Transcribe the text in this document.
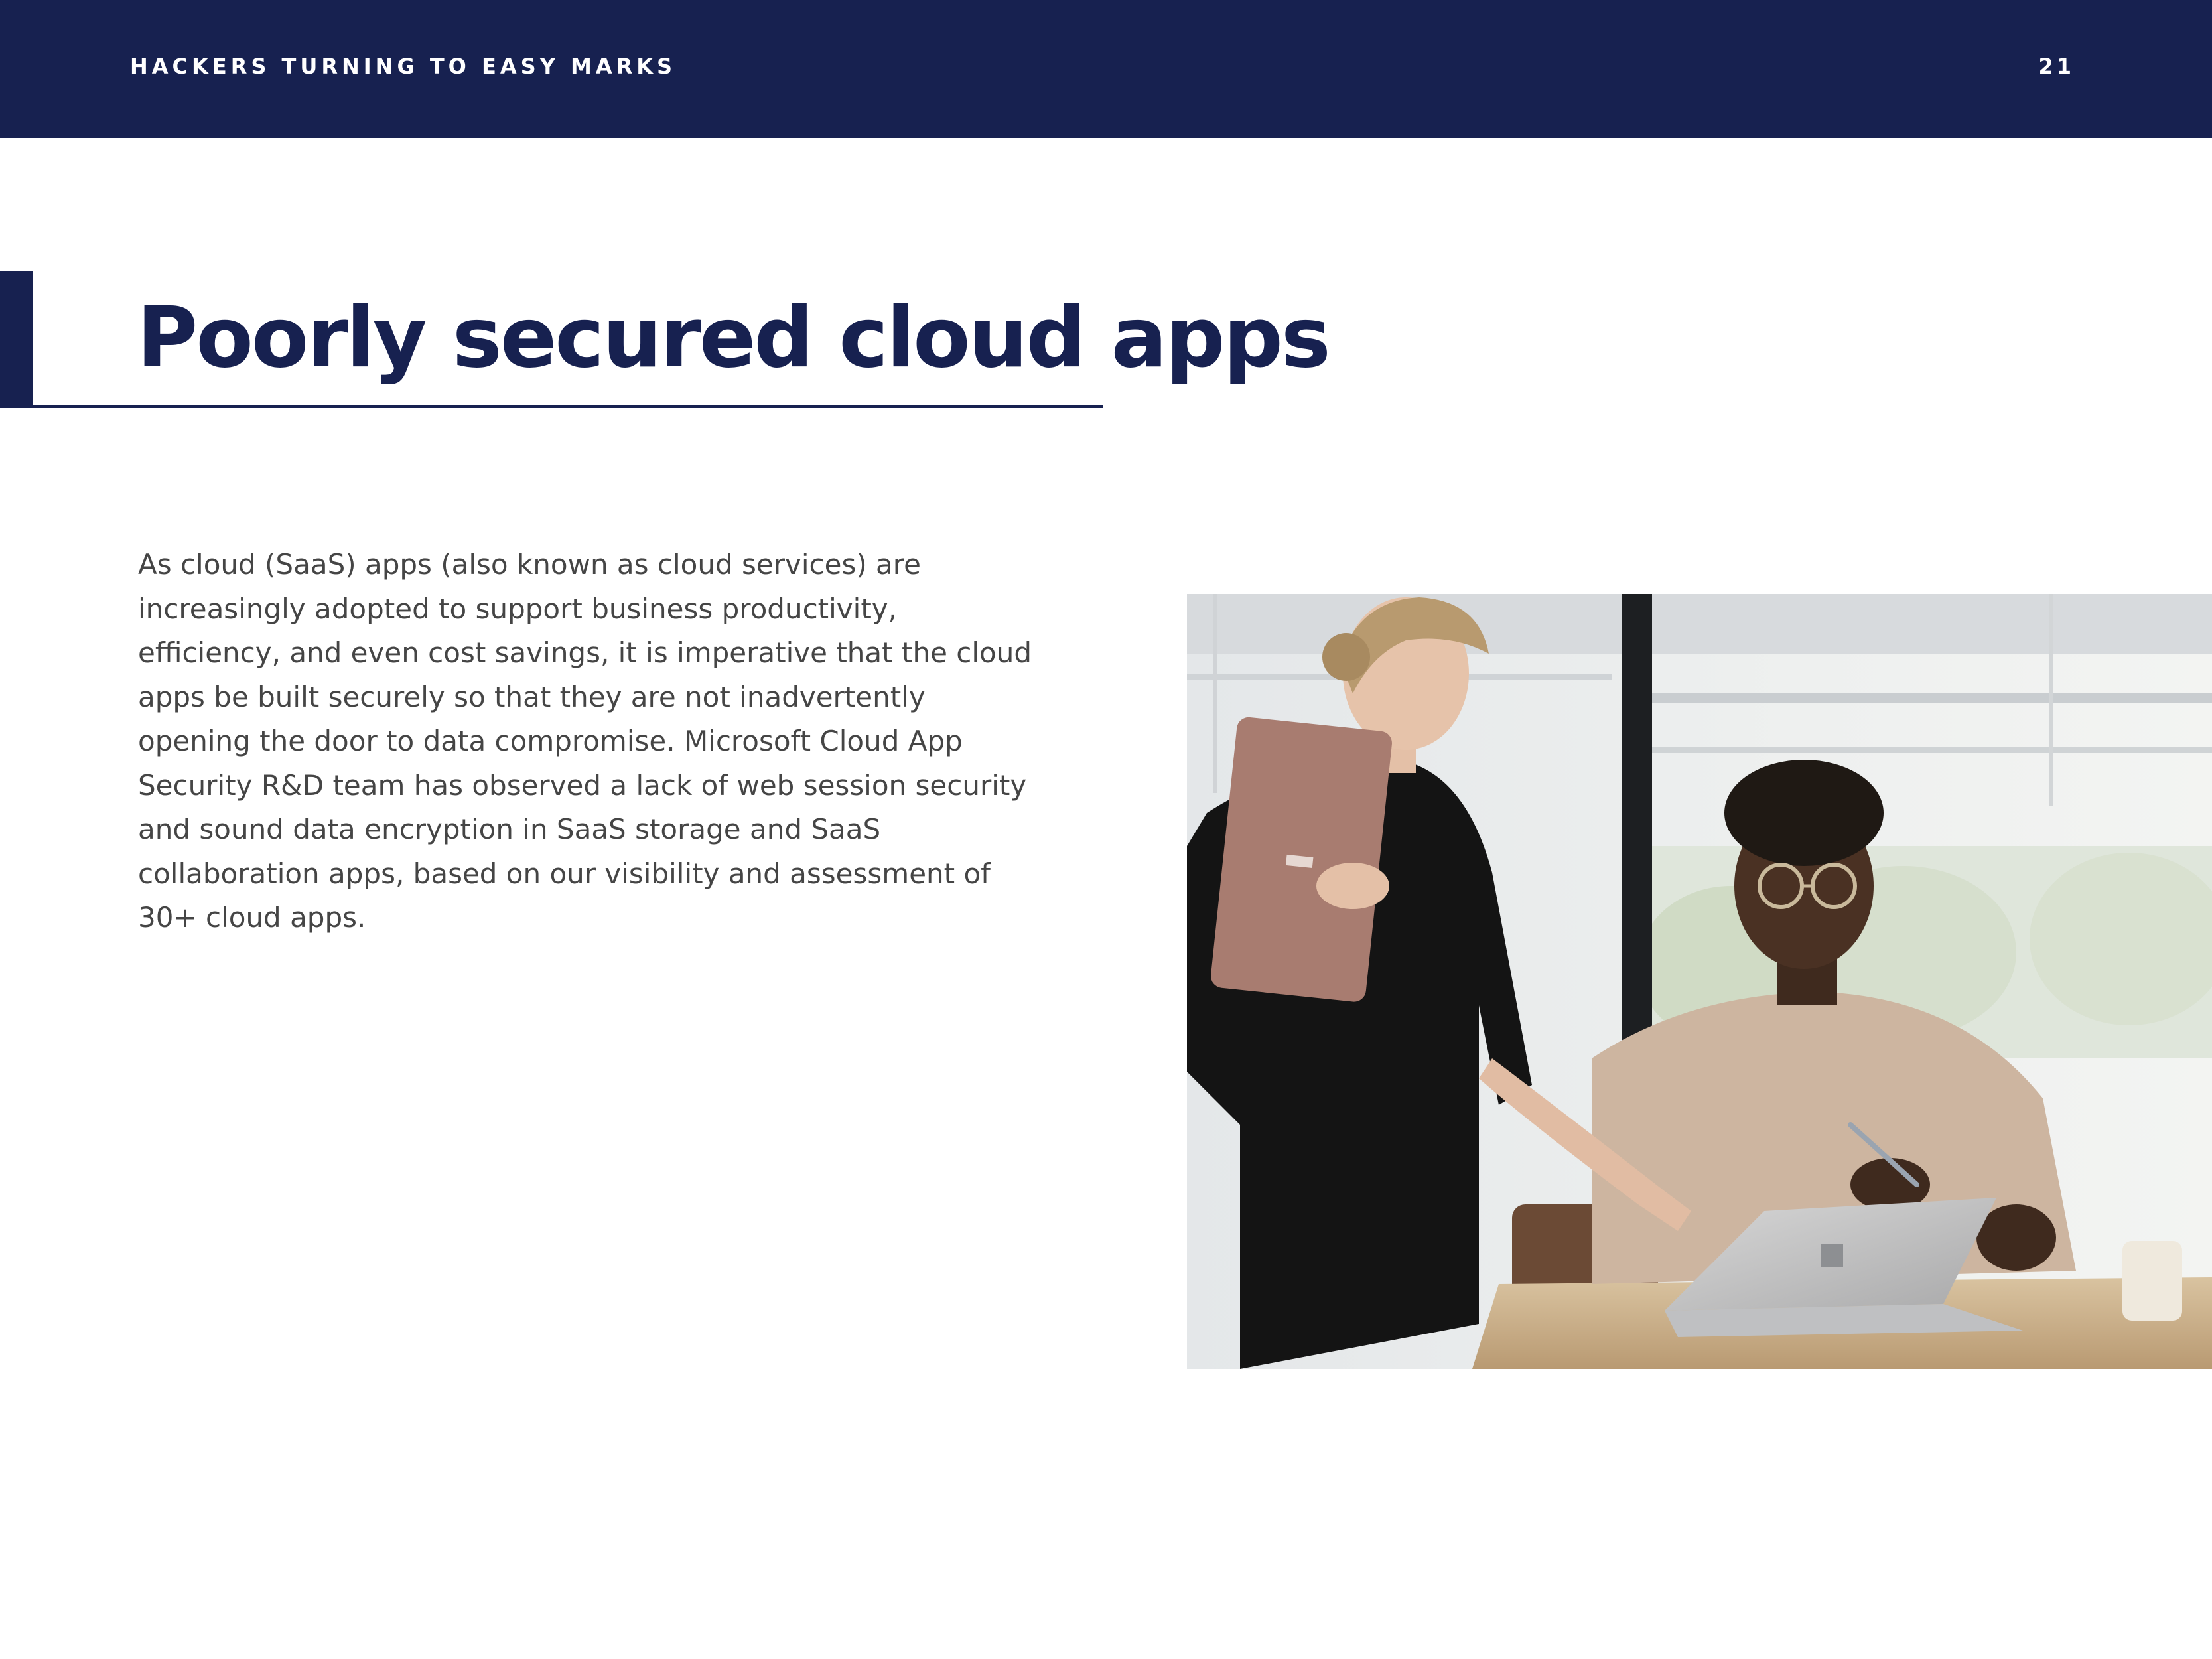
HACKERS TURNING TO EASY MARKS	21
Poorly secured cloud apps

As cloud (SaaS) apps (also known as cloud services) are increasingly adopted to support business productivity, efficiency, and even cost savings, it is imperative that the cloud apps be built securely so that they are not inadvertently opening the door to data compromise. Microsoft Cloud App Security R&D team has observed a lack of web session security and sound data encryption in SaaS storage and SaaS collaboration apps, based on our visibility and assessment of 30+ cloud apps.
